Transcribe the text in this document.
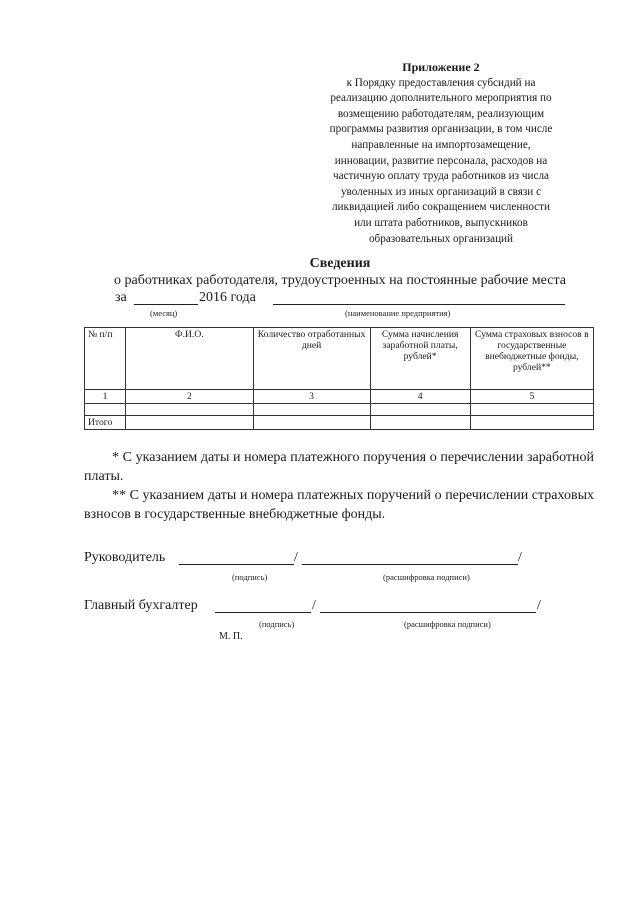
Приложение 2
к Порядку предоставления субсидий на
реализацию дополнительного мероприятия по
возмещению работодателям, реализующим
программы развития организации, в том числе
направленные на импортозамещение,
инновации, развитие персонала, расходов на
частичную оплату труда работников из числа
уволенных из иных организаций в связи с
ликвидацией либо сокращением численности
или штата работников, выпускников
образовательных организаций
Сведения
о работниках работодателя, трудоустроенных на постоянные рабочие места
за	2016 года
(месяц)	(наименование предприятия)
№ п/п	Ф.И.О.	Количество отработанных дней	Сумма начисления заработной платы, рублей*	Сумма страховых взносов в государственные внебюджетные фонды, рублей**
1	2	3	4	5

Итого				

* С указанием даты и номера платежного поручения о перечислении заработной платы.

** С указанием даты и номера платежных поручений о перечислении страховых взносов в государственные внебюджетные фонды.

Руководитель	/	/
(подпись)	(расшифровка подписи)
Главный бухгалтер	/	/
(подпись)	(расшифровка подписи)
М. П.
